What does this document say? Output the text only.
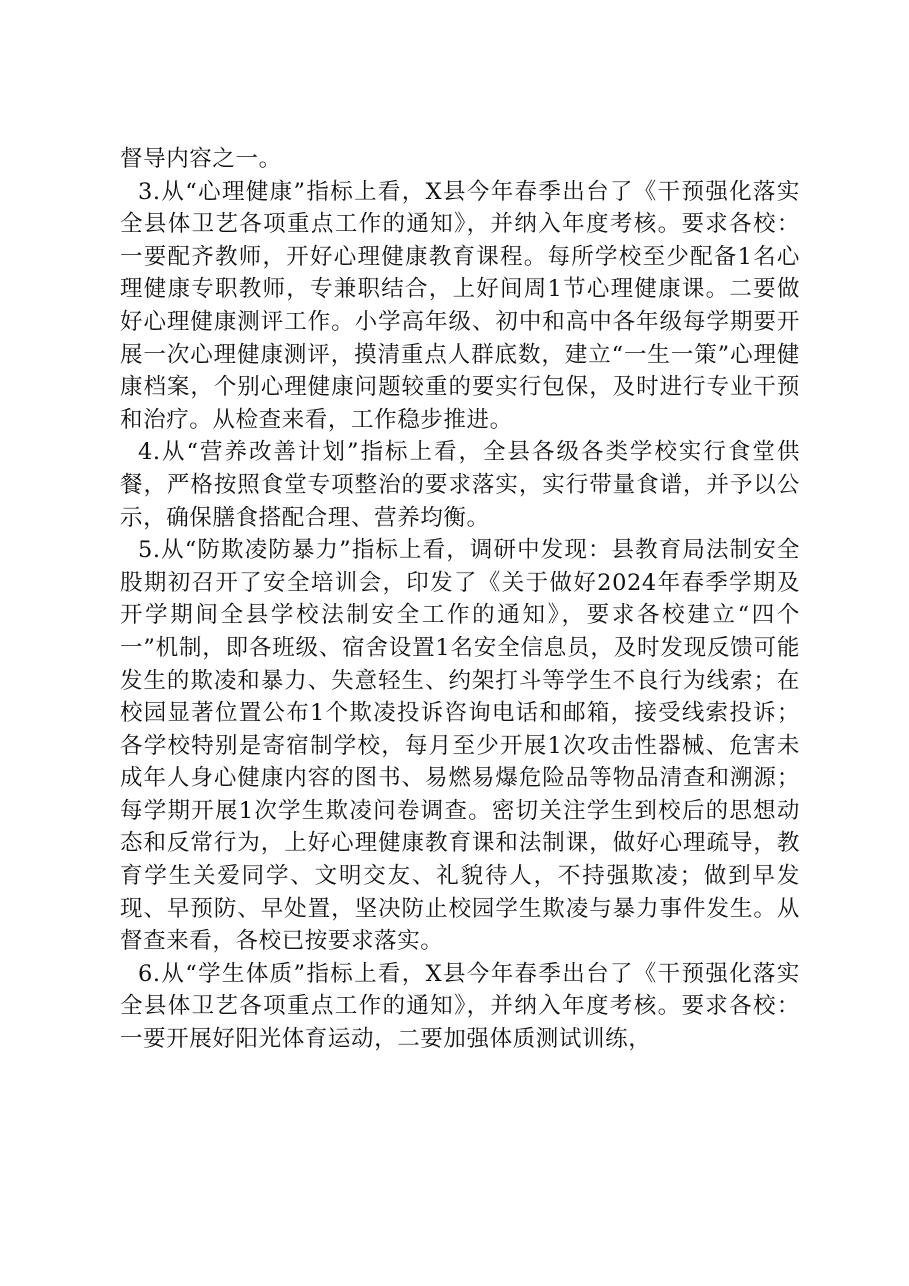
督导内容之一。

3.从“心理健康”指标上看，X县今年春季出台了《干预强化落实全县体卫艺各项重点工作的通知》，并纳入年度考核。要求各校：一要配齐教师，开好心理健康教育课程。每所学校至少配备1名心理健康专职教师，专兼职结合，上好间周1节心理健康课。二要做好心理健康测评工作。小学高年级、初中和高中各年级每学期要开展一次心理健康测评，摸清重点人群底数，建立“一生一策”心理健康档案，个别心理健康问题较重的要实行包保，及时进行专业干预和治疗。从检查来看，工作稳步推进。

4.从“营养改善计划”指标上看，全县各级各类学校实行食堂供餐，严格按照食堂专项整治的要求落实，实行带量食谱，并予以公示，确保膳食搭配合理、营养均衡。

5.从“防欺凌防暴力”指标上看，调研中发现：县教育局法制安全股期初召开了安全培训会，印发了《关于做好2024年春季学期及开学期间全县学校法制安全工作的通知》，要求各校建立“四个一”机制，即各班级、宿舍设置1名安全信息员，及时发现反馈可能发生的欺凌和暴力、失意轻生、约架打斗等学生不良行为线索；在校园显著位置公布1个欺凌投诉咨询电话和邮箱，接受线索投诉；各学校特别是寄宿制学校，每月至少开展1次攻击性器械、危害未成年人身心健康内容的图书、易燃易爆危险品等物品清查和溯源；每学期开展1次学生欺凌问卷调查。密切关注学生到校后的思想动态和反常行为，上好心理健康教育课和法制课，做好心理疏导，教育学生关爱同学、文明交友、礼貌待人，不持强欺凌；做到早发现、早预防、早处置，坚决防止校园学生欺凌与暴力事件发生。从督查来看，各校已按要求落实。

6.从“学生体质”指标上看，X县今年春季出台了《干预强化落实全县体卫艺各项重点工作的通知》，并纳入年度考核。要求各校：一要开展好阳光体育运动，二要加强体质测试训练，
